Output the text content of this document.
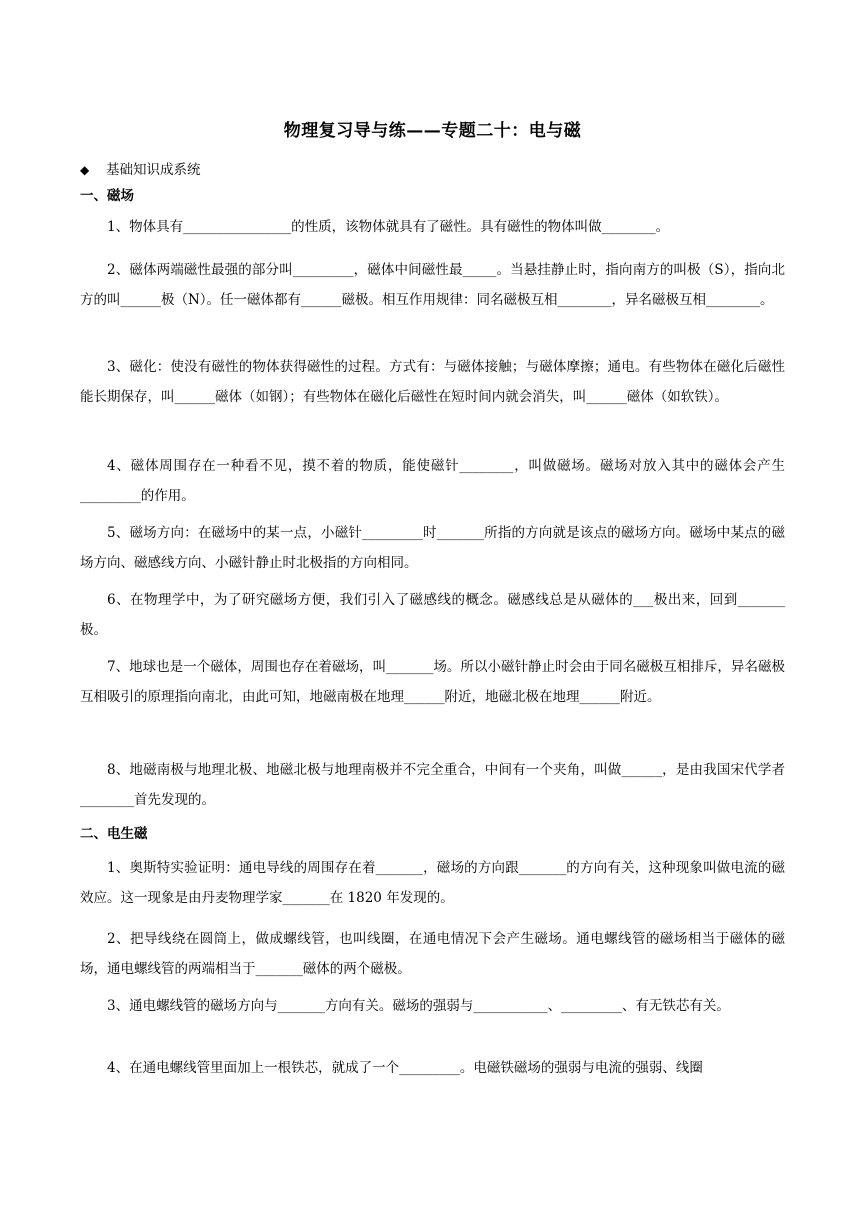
物理复习导与练——专题二十：电与磁
◆ 基础知识成系统
一、磁场

1、物体具有________________的性质，该物体就具有了磁性。具有磁性的物体叫做________。

2、磁体两端磁性最强的部分叫_________，磁体中间磁性最_____。当悬挂静止时，指向南方的叫极（S），指向北方的叫______极（N）。任一磁体都有______磁极。相互作用规律：同名磁极互相________，异名磁极互相________。

3、磁化：使没有磁性的物体获得磁性的过程。方式有：与磁体接触；与磁体摩擦；通电。有些物体在磁化后磁性能长期保存，叫______磁体（如钢）；有些物体在磁化后磁性在短时间内就会消失，叫______磁体（如软铁）。

4、磁体周围存在一种看不见，摸不着的物质，能使磁针________，叫做磁场。磁场对放入其中的磁体会产生_________的作用。

5、磁场方向：在磁场中的某一点，小磁针_________时_______所指的方向就是该点的磁场方向。磁场中某点的磁场方向、磁感线方向、小磁针静止时北极指的方向相同。

6、在物理学中，为了研究磁场方便，我们引入了磁感线的概念。磁感线总是从磁体的___极出来，回到_______极。

7、地球也是一个磁体，周围也存在着磁场，叫_______场。所以小磁针静止时会由于同名磁极互相排斥，异名磁极互相吸引的原理指向南北，由此可知，地磁南极在地理______附近，地磁北极在地理______附近。

8、地磁南极与地理北极、地磁北极与地理南极并不完全重合，中间有一个夹角，叫做______，是由我国宋代学者________首先发现的。

二、电生磁

1、奥斯特实验证明：通电导线的周围存在着_______，磁场的方向跟_______的方向有关，这种现象叫做电流的磁效应。这一现象是由丹麦物理学家_______在 1820 年发现的。

2、把导线绕在圆筒上，做成螺线管，也叫线圈，在通电情况下会产生磁场。通电螺线管的磁场相当于磁体的磁场，通电螺线管的两端相当于_______磁体的两个磁极。

3、通电螺线管的磁场方向与_______方向有关。磁场的强弱与___________、_________、有无铁芯有关。

4、在通电螺线管里面加上一根铁芯，就成了一个_________。电磁铁磁场的强弱与电流的强弱、线圈
